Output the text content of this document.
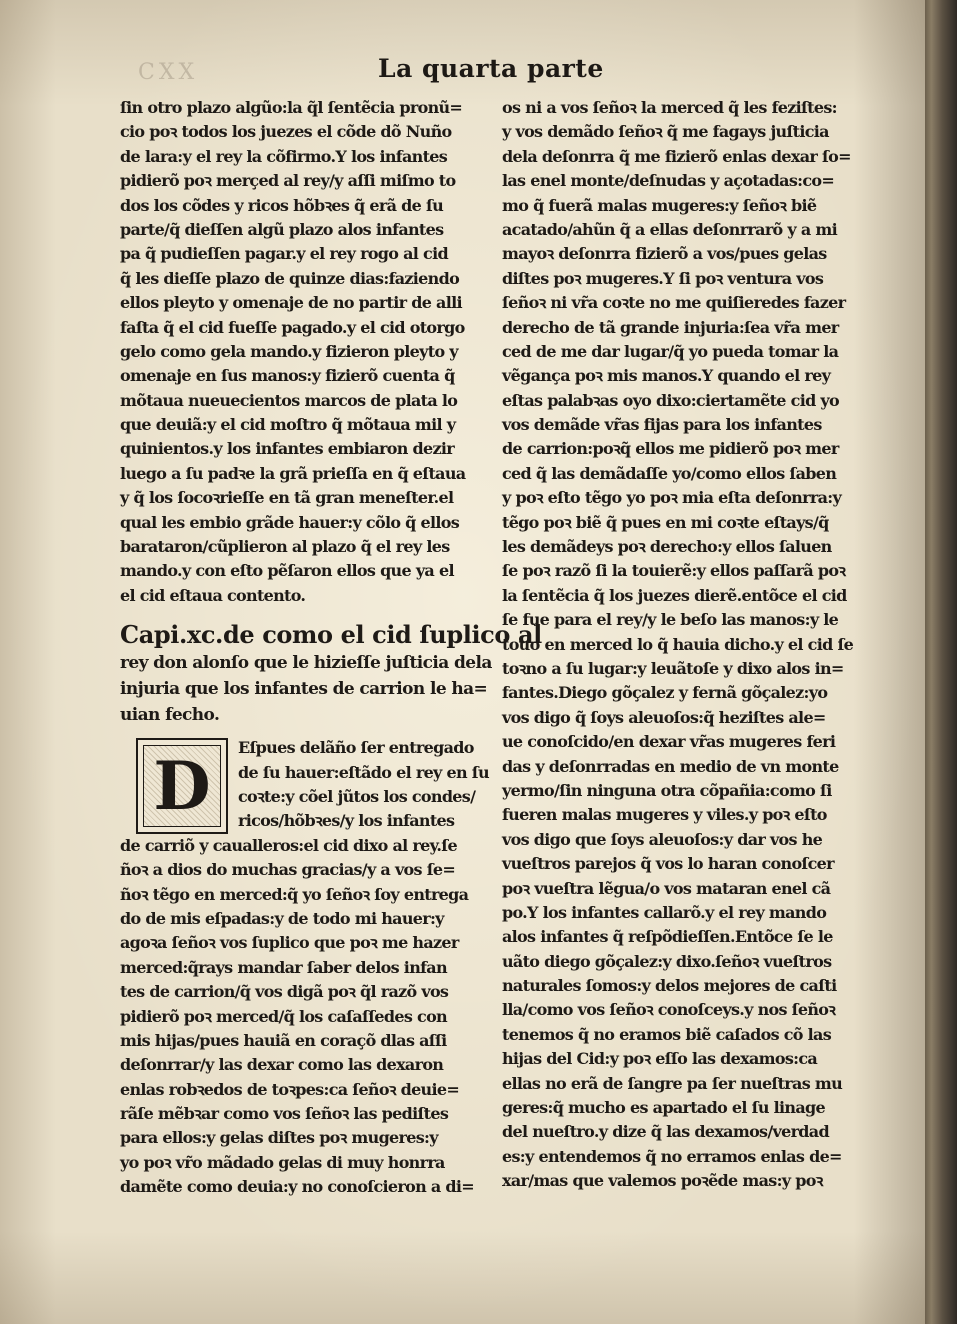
CXX	La quarta parte
ſin otro plazo algũo:la q̃l ſentẽcia pronũ=
cio poꝛ todos los juezes el cõde dõ Nuño
de lara:y el rey la cõfirmo.Y los infantes
pidierõ poꝛ merçed al rey/y aſſi miſmo to
dos los cõdes y ricos hõbꝛes q̃ erã de ſu
parte/q̃ dieſſen algũ plazo alos infantes
pa q̃ pudieſſen pagar.y el rey rogo al cid
q̃ les dieſſe plazo de quinze dias:faziendo
ellos pleyto y omenaje de no partir de alli
faſta q̃ el cid fueſſe pagado.y el cid otorgo
gelo como gela mando.y fizieron pleyto y
omenaje en ſus manos:y fizierõ cuenta q̃
mõtaua nueuecientos marcos de plata lo
que deuiã:y el cid moſtro q̃ mõtaua mil y
quinientos.y los infantes embiaron dezir
luego a ſu padꝛe la grã prieſſa en q̃ eſtaua
y q̃ los ſocoꝛrieſſe en tã gran meneſter.el
qual les embio grãde hauer:y cõlo q̃ ellos
barataron/cũplieron al plazo q̃ el rey les
mando.y con eſto pẽſaron ellos que ya el
el cid eſtaua contento.
Capi.xc.de como el cid ſuplico al
rey don alonſo que le hizieſſe juſticia dela
injuria que los infantes de carrion le ha=
uian fecho.
D	Eſpues delãño ſer entregado
de ſu hauer:eſtãdo el rey en ſu
coꝛte:y cõel jũtos los condes/
ricos/hõbꝛes/y los infantes
de carriõ y caualleros:el cid dixo al rey.ſe
ñoꝛ a dios do muchas gracias/y a vos ſe=
ñoꝛ tẽgo en merced:q̃ yo ſeñoꝛ ſoy entrega
do de mis eſpadas:y de todo mi hauer:y
agoꝛa ſeñoꝛ vos ſuplico que poꝛ me hazer
merced:q̃rays mandar ſaber delos infan
tes de carrion/q̃ vos digã poꝛ q̃l razõ vos
pidierõ poꝛ merced/q̃ los caſaſſedes con
mis hijas/pues hauiã en coraçõ dlas aſſi
deſonrrar/y las dexar como las dexaron
enlas robꝛedos de toꝛpes:ca ſeñoꝛ deuie=
rãſe mẽbꝛar como vos ſeñoꝛ las pediſtes
para ellos:y gelas diſtes poꝛ mugeres:y
yo poꝛ vr̃o mãdado gelas di muy honrra
damẽte como deuia:y no conoſcieron a di=
os ni a vos ſeñoꝛ la merced q̃ les feziſtes:
y vos demãdo ſeñoꝛ q̃ me fagays juſticia
dela deſonrra q̃ me fizierõ enlas dexar ſo=
las enel monte/deſnudas y açotadas:co=
mo q̃ fuerã malas mugeres:y ſeñoꝛ biẽ
acatado/ahũn q̃ a ellas deſonrrarõ y a mi
mayoꝛ deſonrra fizierõ a vos/pues gelas
diſtes poꝛ mugeres.Y ſi poꝛ ventura vos
ſeñoꝛ ni vr̃a coꝛte no me quiſieredes fazer
derecho de tã grande injuria:ſea vr̃a mer
ced de me dar lugar/q̃ yo pueda tomar la
vẽgança poꝛ mis manos.Y quando el rey
eſtas palabꝛas oyo dixo:ciertamẽte cid yo
vos demãde vr̃as fijas para los infantes
de carrion:poꝛq̃ ellos me pidierõ poꝛ mer
ced q̃ las demãdaſſe yo/como ellos ſaben
y poꝛ eſto tẽgo yo poꝛ mia eſta deſonrra:y
tẽgo poꝛ biẽ q̃ pues en mi coꝛte eſtays/q̃
les demãdeys poꝛ derecho:y ellos ſaluen
ſe poꝛ razõ ſi la touierẽ:y ellos paſſarã poꝛ
la ſentẽcia q̃ los juezes dierẽ.entõce el cid
ſe fue para el rey/y le beſo las manos:y le
touo en merced lo q̃ hauia dicho.y el cid ſe
toꝛno a ſu lugar:y leuãtoſe y dixo alos in=
fantes.Diego gõçalez y fernã gõçalez:yo
vos digo q̃ ſoys aleuoſos:q̃ heziſtes ale=
ue conoſcido/en dexar vr̃as mugeres feri
das y deſonrradas en medio de vn monte
yermo/ſin ninguna otra cõpañia:como ſi
fueren malas mugeres y viles.y poꝛ eſto
vos digo que ſoys aleuoſos:y dar vos he
vueſtros parejos q̃ vos lo haran conoſcer
poꝛ vueſtra lẽgua/o vos mataran enel cã
po.Y los infantes callarõ.y el rey mando
alos infantes q̃ reſpõdieſſen.Entõce ſe le
uãto diego gõçalez:y dixo.ſeñoꝛ vueſtros
naturales ſomos:y delos mejores de caſti
lla/como vos ſeñoꝛ conoſceys.y nos ſeñoꝛ
tenemos q̃ no eramos biẽ caſados cõ las
hijas del Cid:y poꝛ eſſo las dexamos:ca
ellas no erã de ſangre pa ſer nueſtras mu
geres:q̃ mucho es apartado el ſu linage
del nueſtro.y dize q̃ las dexamos/verdad
es:y entendemos q̃ no erramos enlas de=
xar/mas que valemos poꝛẽde mas:y poꝛ
